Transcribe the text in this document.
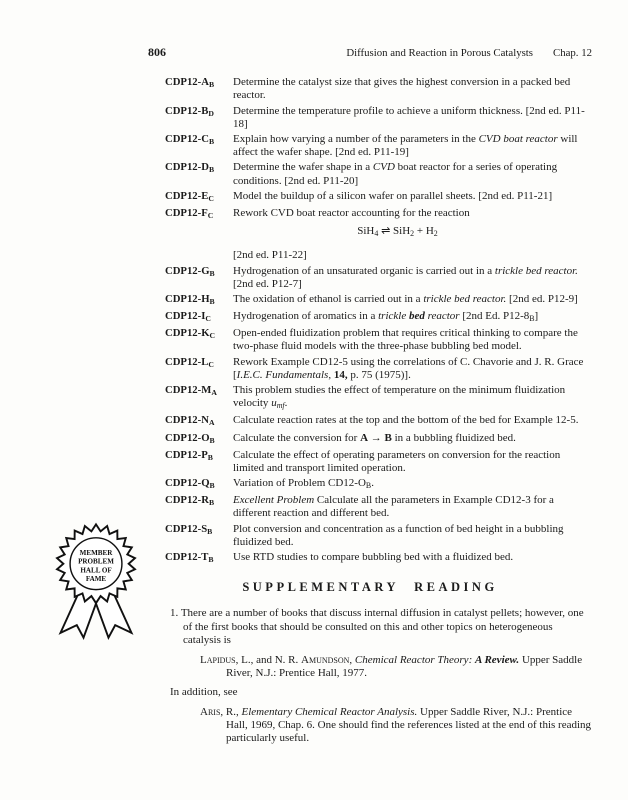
806	Diffusion and Reaction in Porous Catalysts Chap. 12
$CDP12-A_B$	Determine the catalyst size that gives the highest conversion in a packed bed reactor.
$CDP12-B_D$	Determine the temperature profile to achieve a uniform thickness. [2nd ed. P11-18]
$CDP12-C_B$	Explain how varying a number of the parameters in the CVD boat reactor will affect the wafer shape. [2nd ed. P11-19]
$CDP12-D_B$	Determine the wafer shape in a CVD boat reactor for a series of operating conditions. [2nd ed. P11-20]
$CDP12-E_C$	Model the buildup of a silicon wafer on parallel sheets. [2nd ed. P11-21]
$CDP12-F_C$	Rework CVD boat reactor accounting for the reaction
SiH$_4$ ⇌ $SiH_2 + H_2$
[2nd ed. P11-22]
$CDP12-G_B$	Hydrogenation of an unsaturated organic is carried out in a trickle bed reactor. [2nd ed. P12-7]
$CDP12-H_B$	The oxidation of ethanol is carried out in a trickle bed reactor. [2nd ed. P12-9]
$CDP12-I_C$	Hydrogenation of aromatics in a trickle bed reactor [2nd Ed. $P12-8_B$]
$CDP12-K_C$	Open-ended fluidization problem that requires critical thinking to compare the two-phase fluid models with the three-phase bubbling bed model.
$CDP12-L_C$	Rework Example CD12-5 using the correlations of C. Chavorie and J. R. Grace [I.E.C. Fundamentals, 14, p. 75 (1975)].
$CDP12-M_A$	This problem studies the effect of temperature on the minimum fluidization velocity $u_{mf}$.
$CDP12-N_A$	Calculate reaction rates at the top and the bottom of the bed for Example 12-5.
$CDP12-O_B$	Calculate the conversion for A → B in a bubbling fluidized bed.
$CDP12-P_B$	Calculate the effect of operating parameters on conversion for the reaction limited and transport limited operation.
$CDP12-Q_B$	Variation of Problem $CD12-O_B$.
$CDP12-R_B$	Excellent Problem Calculate all the parameters in Example CD12-3 for a different reaction and different bed.
$CDP12-S_B$	Plot conversion and concentration as a function of bed height in a bubbling fluidized bed.
$CDP12-T_B$	Use RTD studies to compare bubbling bed with a fluidized bed.
SUPPLEMENTARY READING

1. There are a number of books that discuss internal diffusion in catalyst pellets; however, one of the first books that should be consulted on this and other topics on heterogeneous catalysis is

Lapidus, L., and N. R. Amundson, Chemical Reactor Theory: A Review. Upper Saddle River, N.J.: Prentice Hall, 1977.

In addition, see

Aris, R., Elementary Chemical Reactor Analysis. Upper Saddle River, N.J.: Prentice Hall, 1969, Chap. 6. One should find the references listed at the end of this reading particularly useful.

MEMBER
PROBLEM
HALL OF
FAME
